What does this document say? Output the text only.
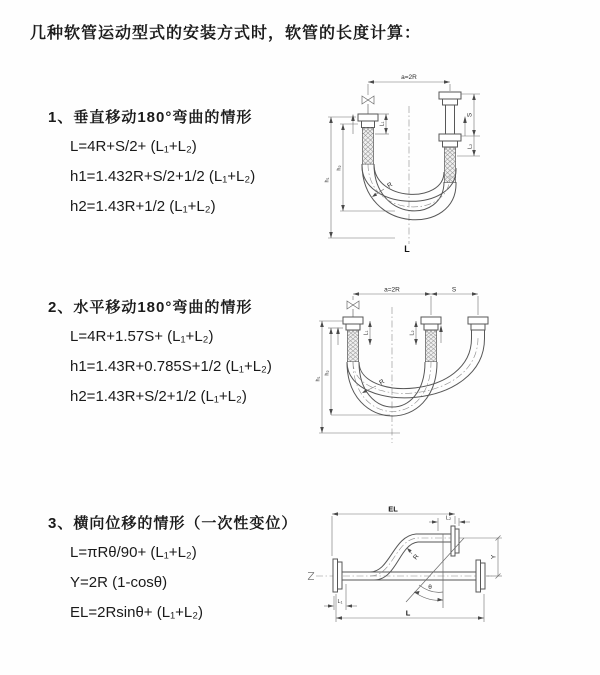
几种软管运动型式的安装方式时，软管的长度计算：
1、垂直移动180°弯曲的情形
L=4R+S/2+ (L₁+L₂)
h1=1.432R+S/2+1/2 (L₁+L₂)
h2=1.43R+1/2 (L₁+L₂)
a=2R
L₁
S
L₂
h₁
h₂
R
L
2、水平移动180°弯曲的情形
L=4R+1.57S+ (L₁+L₂)
h1=1.43R+0.785S+1/2 (L₁+L₂)
h2=1.43R+S/2+1/2 (L₁+L₂)
a=2R	S
L₁	L₂
h₁
h₂
R
3、横向位移的情形（一次性变位）
L=πRθ/90+ (L₁+L₂)
Y=2R (1-cosθ)
EL=2Rsinθ+ (L₁+L₂)
EL
L₂
θ
R	Y
L₁
L
